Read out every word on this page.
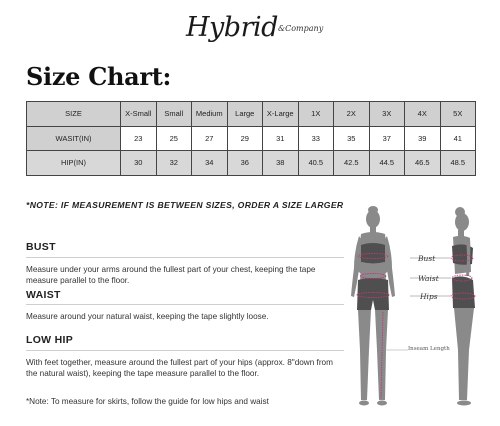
Hybrid &Company
Size Chart:
SIZE	X-Small	Small	Medium	Large	X-Large	1X	2X	3X	4X	5X
WASIT(IN)	23	25	27	29	31	33	35	37	39	41
HIP(IN)	30	32	34	36	38	40.5	42.5	44.5	46.5	48.5
*NOTE: IF MEASUREMENT IS BETWEEN SIZES, ORDER A SIZE LARGER
BUST
Measure under your arms around the fullest part of your chest, keeping the tape measure parallel to the floor.
WAIST
Measure around your natural waist, keeping the tape slightly loose.
LOW HIP
With feet together, measure around the fullest part of your hips (approx. 8"down from the natural waist), keeping the tape measure parallel to the floor.
*Note: To measure for skirts, follow the guide for low hips and waist
Bust
Waist
Hips
Inseam Length
